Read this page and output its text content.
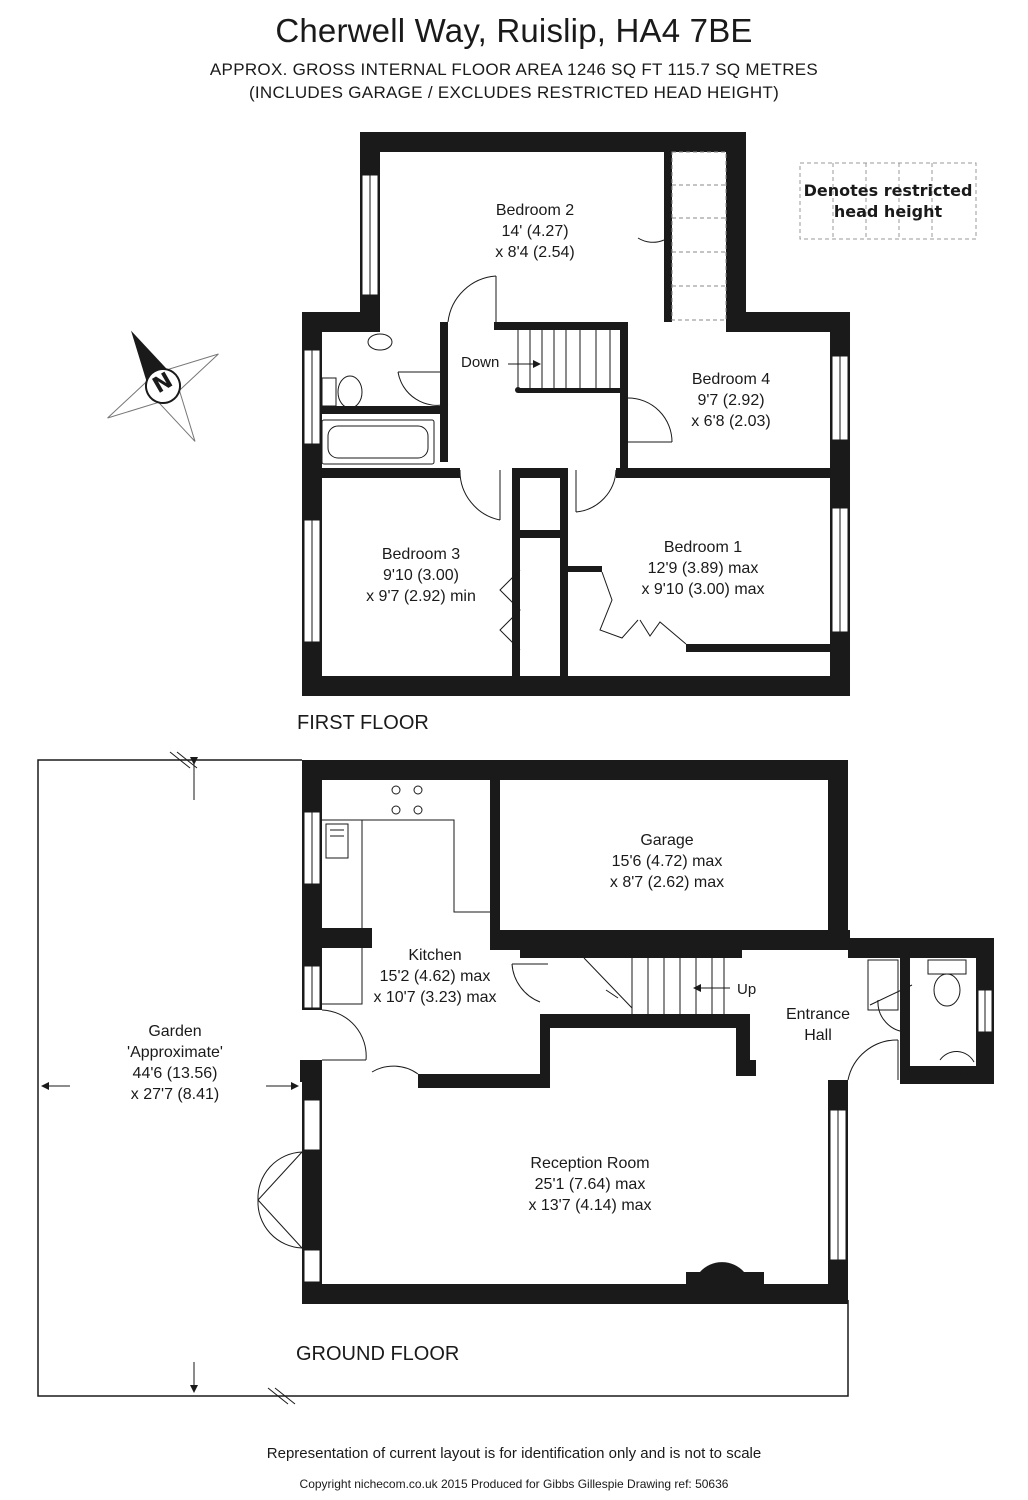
Cherwell Way, Ruislip, HA4 7BE
APPROX. GROSS INTERNAL FLOOR AREA 1246 SQ FT 115.7 SQ METRES
(INCLUDES GARAGE / EXCLUDES RESTRICTED HEAD HEIGHT)
N
Denotes restricted
head height
Bedroom 2
14' (4.27)
x 8'4 (2.54)
Down
Bedroom 4
9'7 (2.92)
x 6'8 (2.03)
Bedroom 3
9'10 (3.00)
x 9'7 (2.92) min
Bedroom 1
12'9 (3.89) max
x 9'10 (3.00) max
FIRST FLOOR
Garden
'Approximate'
44'6 (13.56)
x 27'7 (8.41)
Kitchen
15'2 (4.62) max
x 10'7 (3.23) max
Garage
15'6 (4.72) max
x 8'7 (2.62) max
Up
Entrance
Hall
Reception Room
25'1 (7.64) max
x 13'7 (4.14) max
GROUND FLOOR
Representation of current layout is for identification only and is not to scale
Copyright nichecom.co.uk 2015 Produced for Gibbs Gillespie Drawing ref: 50636
